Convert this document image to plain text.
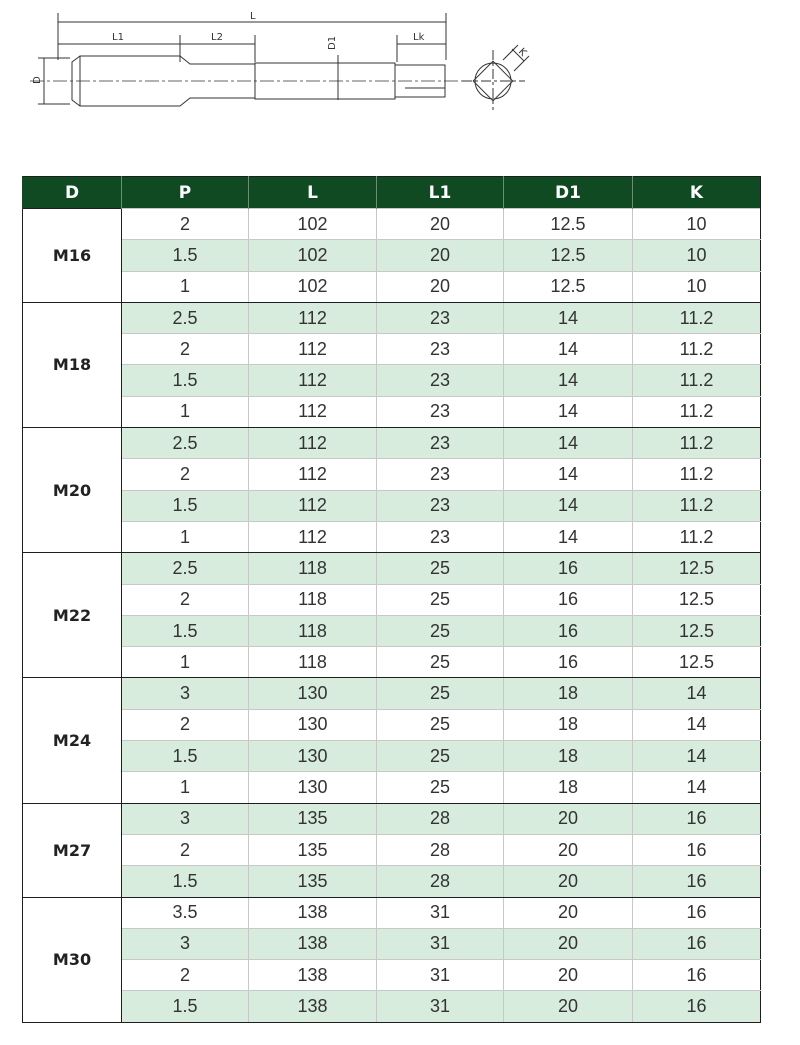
L
L1	L2	Lk
D1
D
K
D	P	L	L1	D1	K
M16	2	102	20	12.5	10
	1.5	102	20	12.5	10
	1	102	20	12.5	10
M18	2.5	112	23	14	11.2
	2	112	23	14	11.2
	1.5	112	23	14	11.2
	1	112	23	14	11.2
M20	2.5	112	23	14	11.2
	2	112	23	14	11.2
	1.5	112	23	14	11.2
	1	112	23	14	11.2
M22	2.5	118	25	16	12.5
	2	118	25	16	12.5
	1.5	118	25	16	12.5
	1	118	25	16	12.5
M24	3	130	25	18	14
	2	130	25	18	14
	1.5	130	25	18	14
	1	130	25	18	14
M27	3	135	28	20	16
	2	135	28	20	16
	1.5	135	28	20	16
M30	3.5	138	31	20	16
	3	138	31	20	16
	2	138	31	20	16
	1.5	138	31	20	16
